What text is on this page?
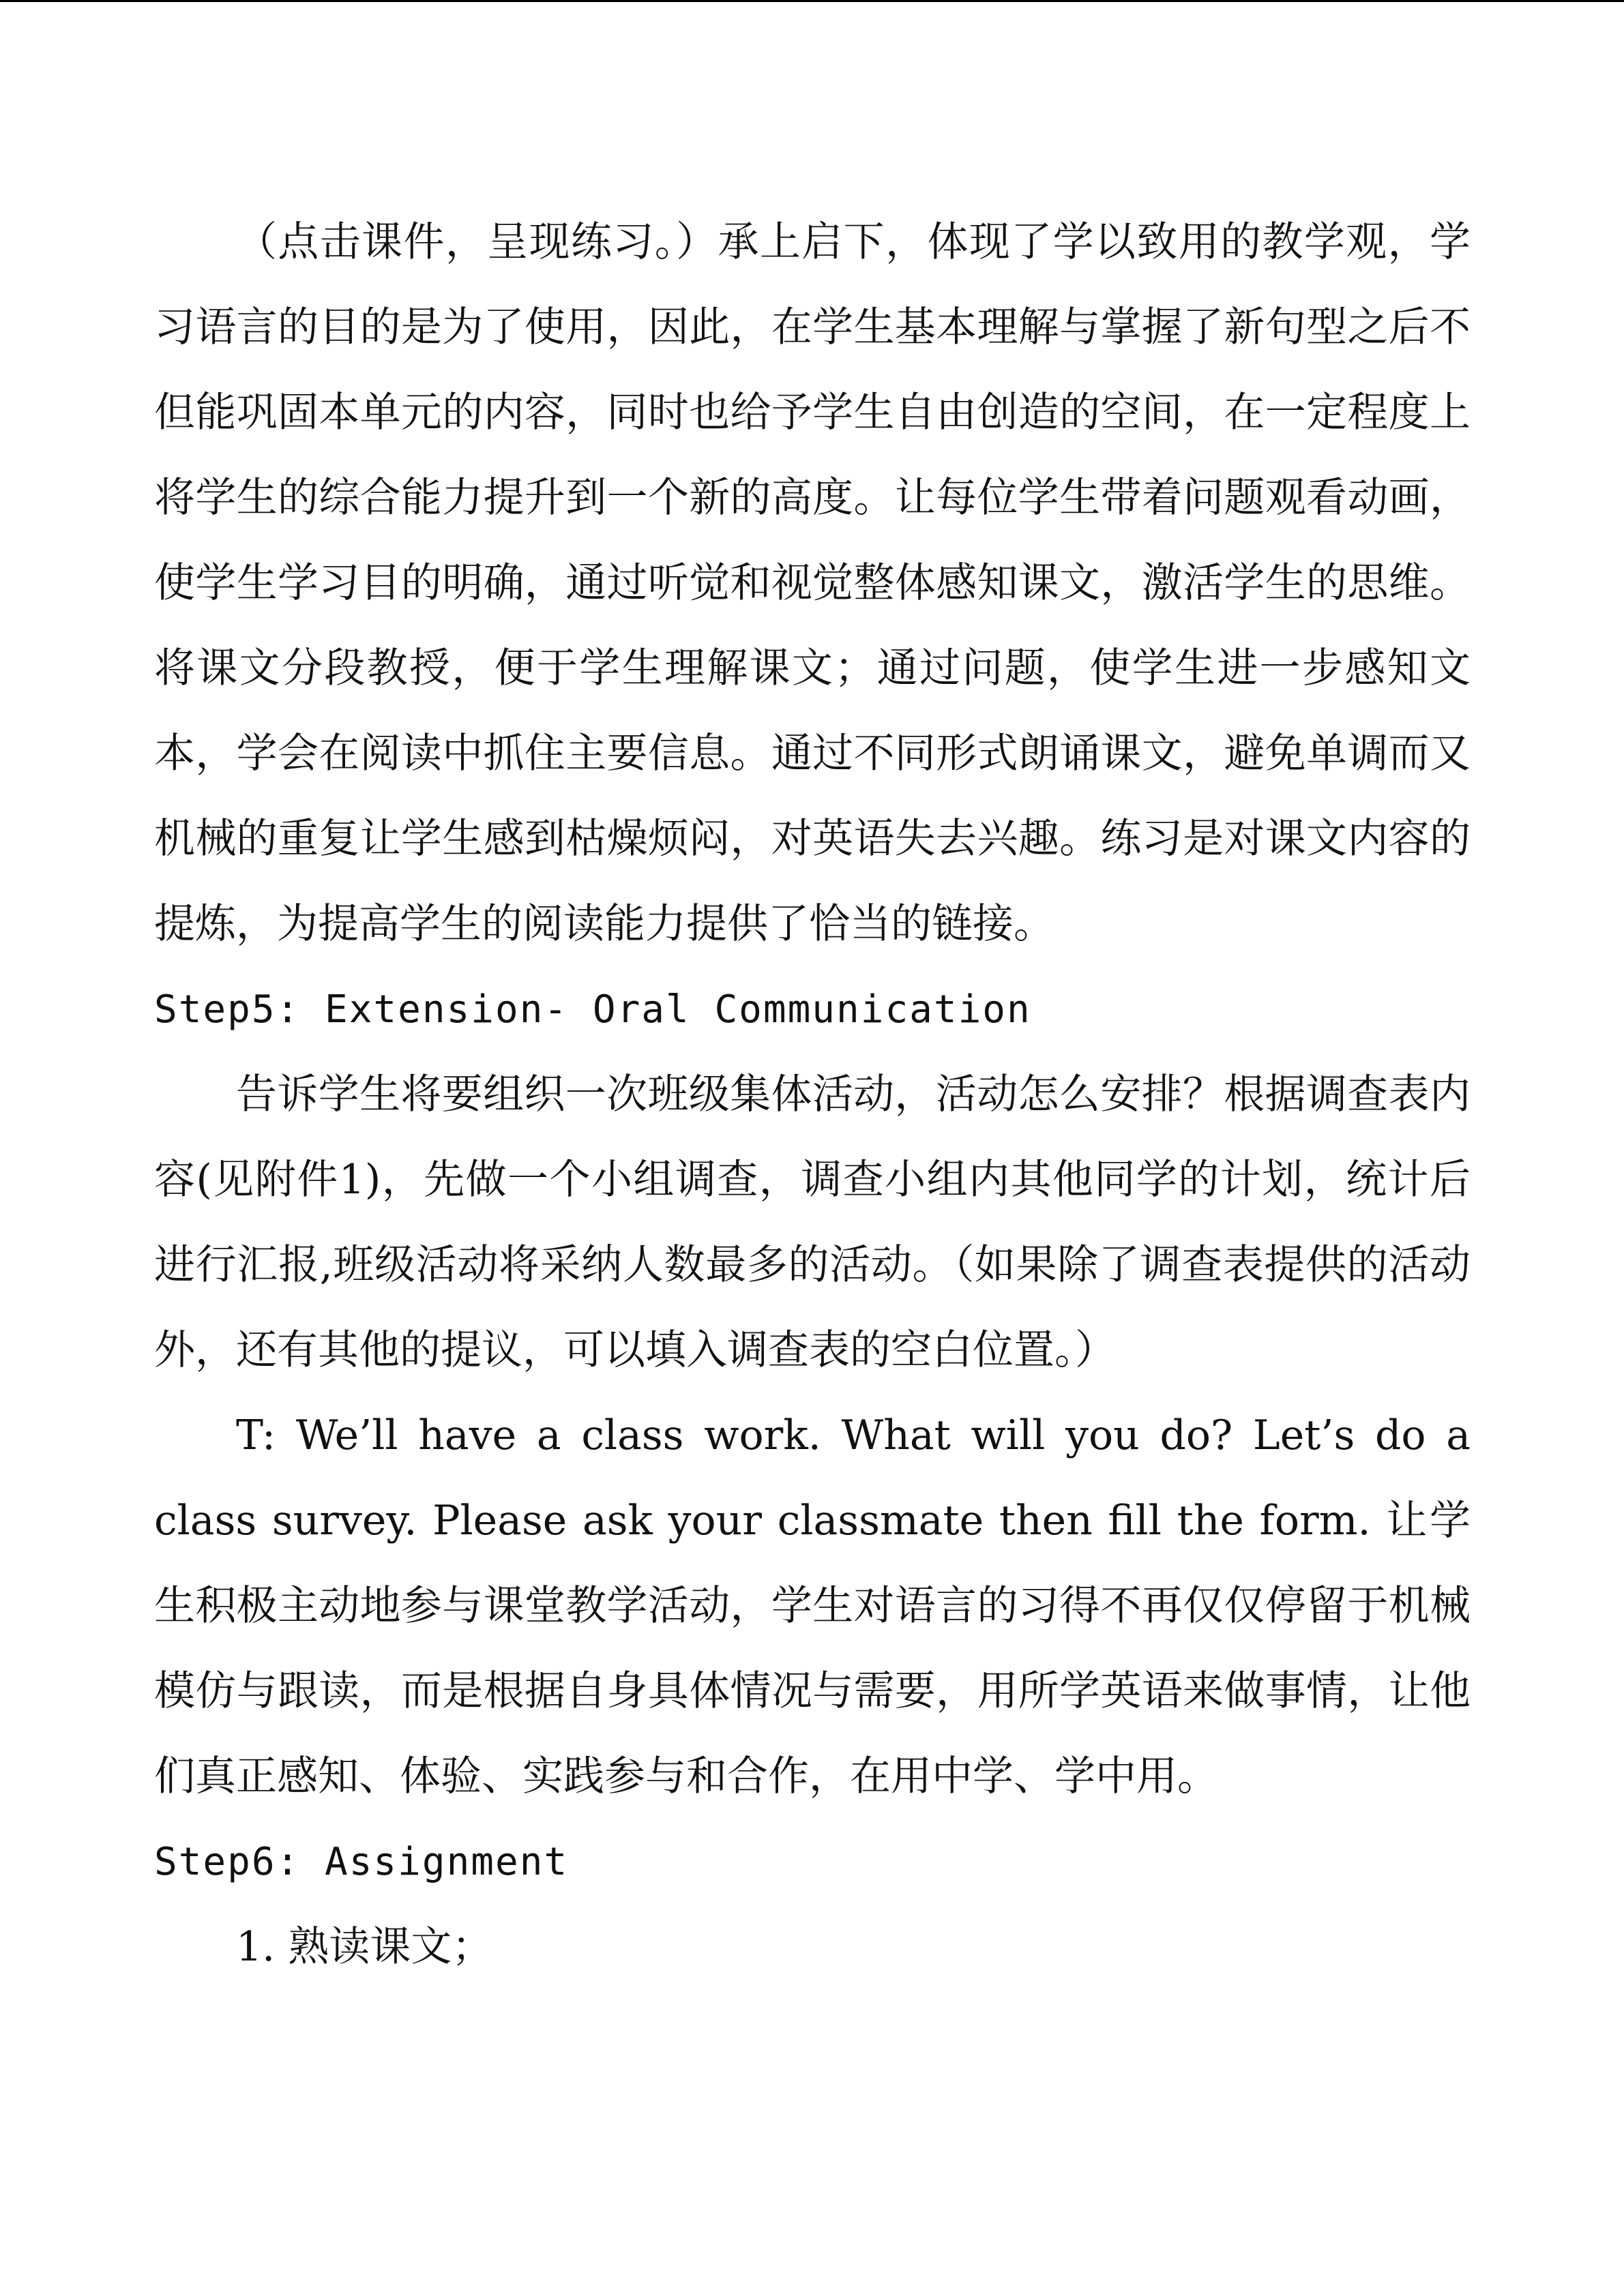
（点击课件，呈现练习。）承上启下，体现了学以致用的教学观，学习语言的目的是为了使用，因此，在学生基本理解与掌握了新句型之后不但能巩固本单元的内容，同时也给予学生自由创造的空间，在一定程度上将学生的综合能力提升到一个新的高度。让每位学生带着问题观看动画，使学生学习目的明确，通过听觉和视觉整体感知课文，激活学生的思维。将课文分段教授，便于学生理解课文；通过问题，使学生进一步感知文本，学会在阅读中抓住主要信息。通过不同形式朗诵课文，避免单调而又机械的重复让学生感到枯燥烦闷，对英语失去兴趣。练习是对课文内容的提炼，为提高学生的阅读能力提供了恰当的链接。

Step5: Extension- Oral Communication

告诉学生将要组织一次班级集体活动，活动怎么安排？根据调查表内容(见附件1)，先做一个小组调查，调查小组内其他同学的计划，统计后进行汇报,班级活动将采纳人数最多的活动。（如果除了调查表提供的活动外，还有其他的提议，可以填入调查表的空白位置。）

T: We’ll have a class work. What will you do? Let’s do a class survey. Please ask your classmate then fill the form. 让学生积极主动地参与课堂教学活动，学生对语言的习得不再仅仅停留于机械模仿与跟读，而是根据自身具体情况与需要，用所学英语来做事情，让他们真正感知、体验、实践参与和合作，在用中学、学中用。

Step6: Assignment

1. 熟读课文；
